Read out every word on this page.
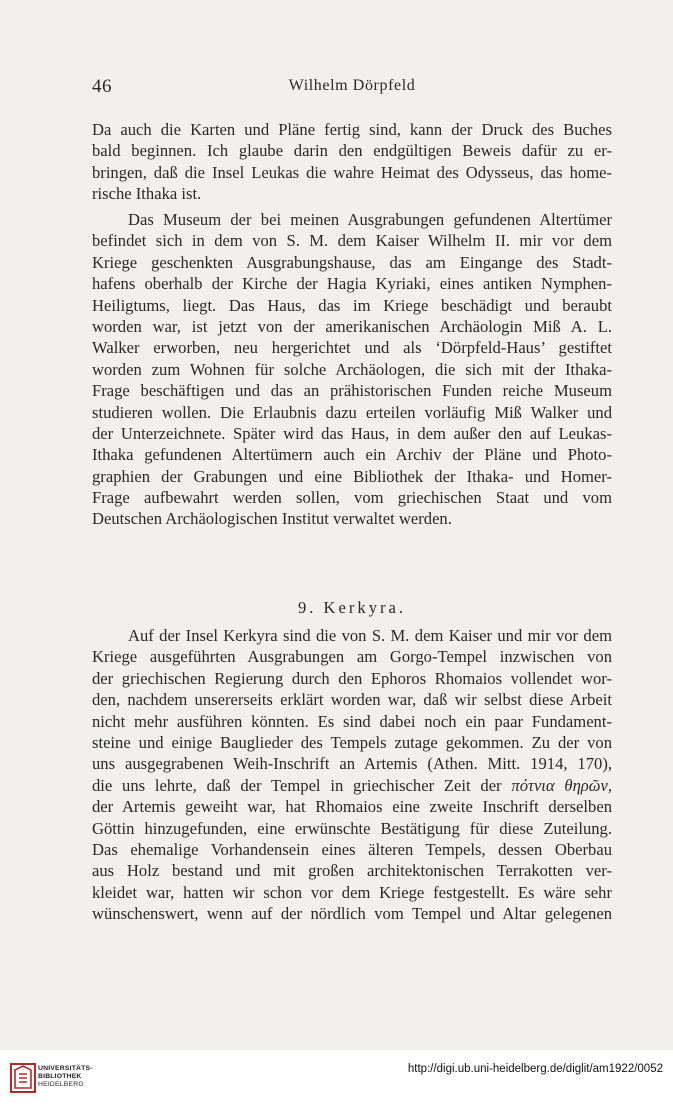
46	Wilhelm Dörpfeld
Da auch die Karten und Pläne fertig sind, kann der Druck des Buches
bald beginnen. Ich glaube darin den endgültigen Beweis dafür zu er-
bringen, daß die Insel Leukas die wahre Heimat des Odysseus, das home-
rische Ithaka ist.
Das Museum der bei meinen Ausgrabungen gefundenen Altertümer
befindet sich in dem von S. M. dem Kaiser Wilhelm II. mir vor dem
Kriege geschenkten Ausgrabungshause, das am Eingange des Stadt-
hafens oberhalb der Kirche der Hagia Kyriaki, eines antiken Nymphen-
Heiligtums, liegt. Das Haus, das im Kriege beschädigt und beraubt
worden war, ist jetzt von der amerikanischen Archäologin Miß A. L.
Walker erworben, neu hergerichtet und als ‘Dörpfeld-Haus’ gestiftet
worden zum Wohnen für solche Archäologen, die sich mit der Ithaka-
Frage beschäftigen und das an prähistorischen Funden reiche Museum
studieren wollen. Die Erlaubnis dazu erteilen vorläufig Miß Walker und
der Unterzeichnete. Später wird das Haus, in dem außer den auf Leukas-
Ithaka gefundenen Altertümern auch ein Archiv der Pläne und Photo-
graphien der Grabungen und eine Bibliothek der Ithaka- und Homer-
Frage aufbewahrt werden sollen, vom griechischen Staat und vom
Deutschen Archäologischen Institut verwaltet werden.
9. Kerkyra.
Auf der Insel Kerkyra sind die von S. M. dem Kaiser und mir vor dem
Kriege ausgeführten Ausgrabungen am Gorgo-Tempel inzwischen von
der griechischen Regierung durch den Ephoros Rhomaios vollendet wor-
den, nachdem unsererseits erklärt worden war, daß wir selbst diese Arbeit
nicht mehr ausführen könnten. Es sind dabei noch ein paar Fundament-
steine und einige Bauglieder des Tempels zutage gekommen. Zu der von
uns ausgegrabenen Weih-Inschrift an Artemis (Athen. Mitt. 1914, 170),
die uns lehrte, daß der Tempel in griechischer Zeit der πότνια θηρῶν,
der Artemis geweiht war, hat Rhomaios eine zweite Inschrift derselben
Göttin hinzugefunden, eine erwünschte Bestätigung für diese Zuteilung.
Das ehemalige Vorhandensein eines älteren Tempels, dessen Oberbau
aus Holz bestand und mit großen architektonischen Terrakotten ver-
kleidet war, hatten wir schon vor dem Kriege festgestellt. Es wäre sehr
wünschenswert, wenn auf der nördlich vom Tempel und Altar gelegenen
UNIVERSITÄTS-
BIBLIOTHEK
HEIDELBERG
http://digi.ub.uni-heidelberg.de/diglit/am1922/0052
